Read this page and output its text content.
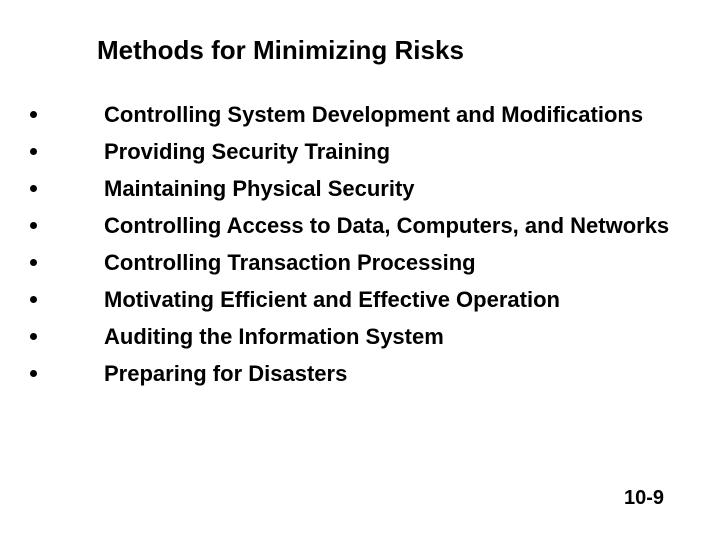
Methods for Minimizing Risks
Controlling System Development and Modifications
Providing Security Training
Maintaining Physical Security
Controlling Access to Data, Computers, and Networks
Controlling Transaction Processing
Motivating Efficient and Effective Operation
Auditing the Information System
Preparing for Disasters
10-9
